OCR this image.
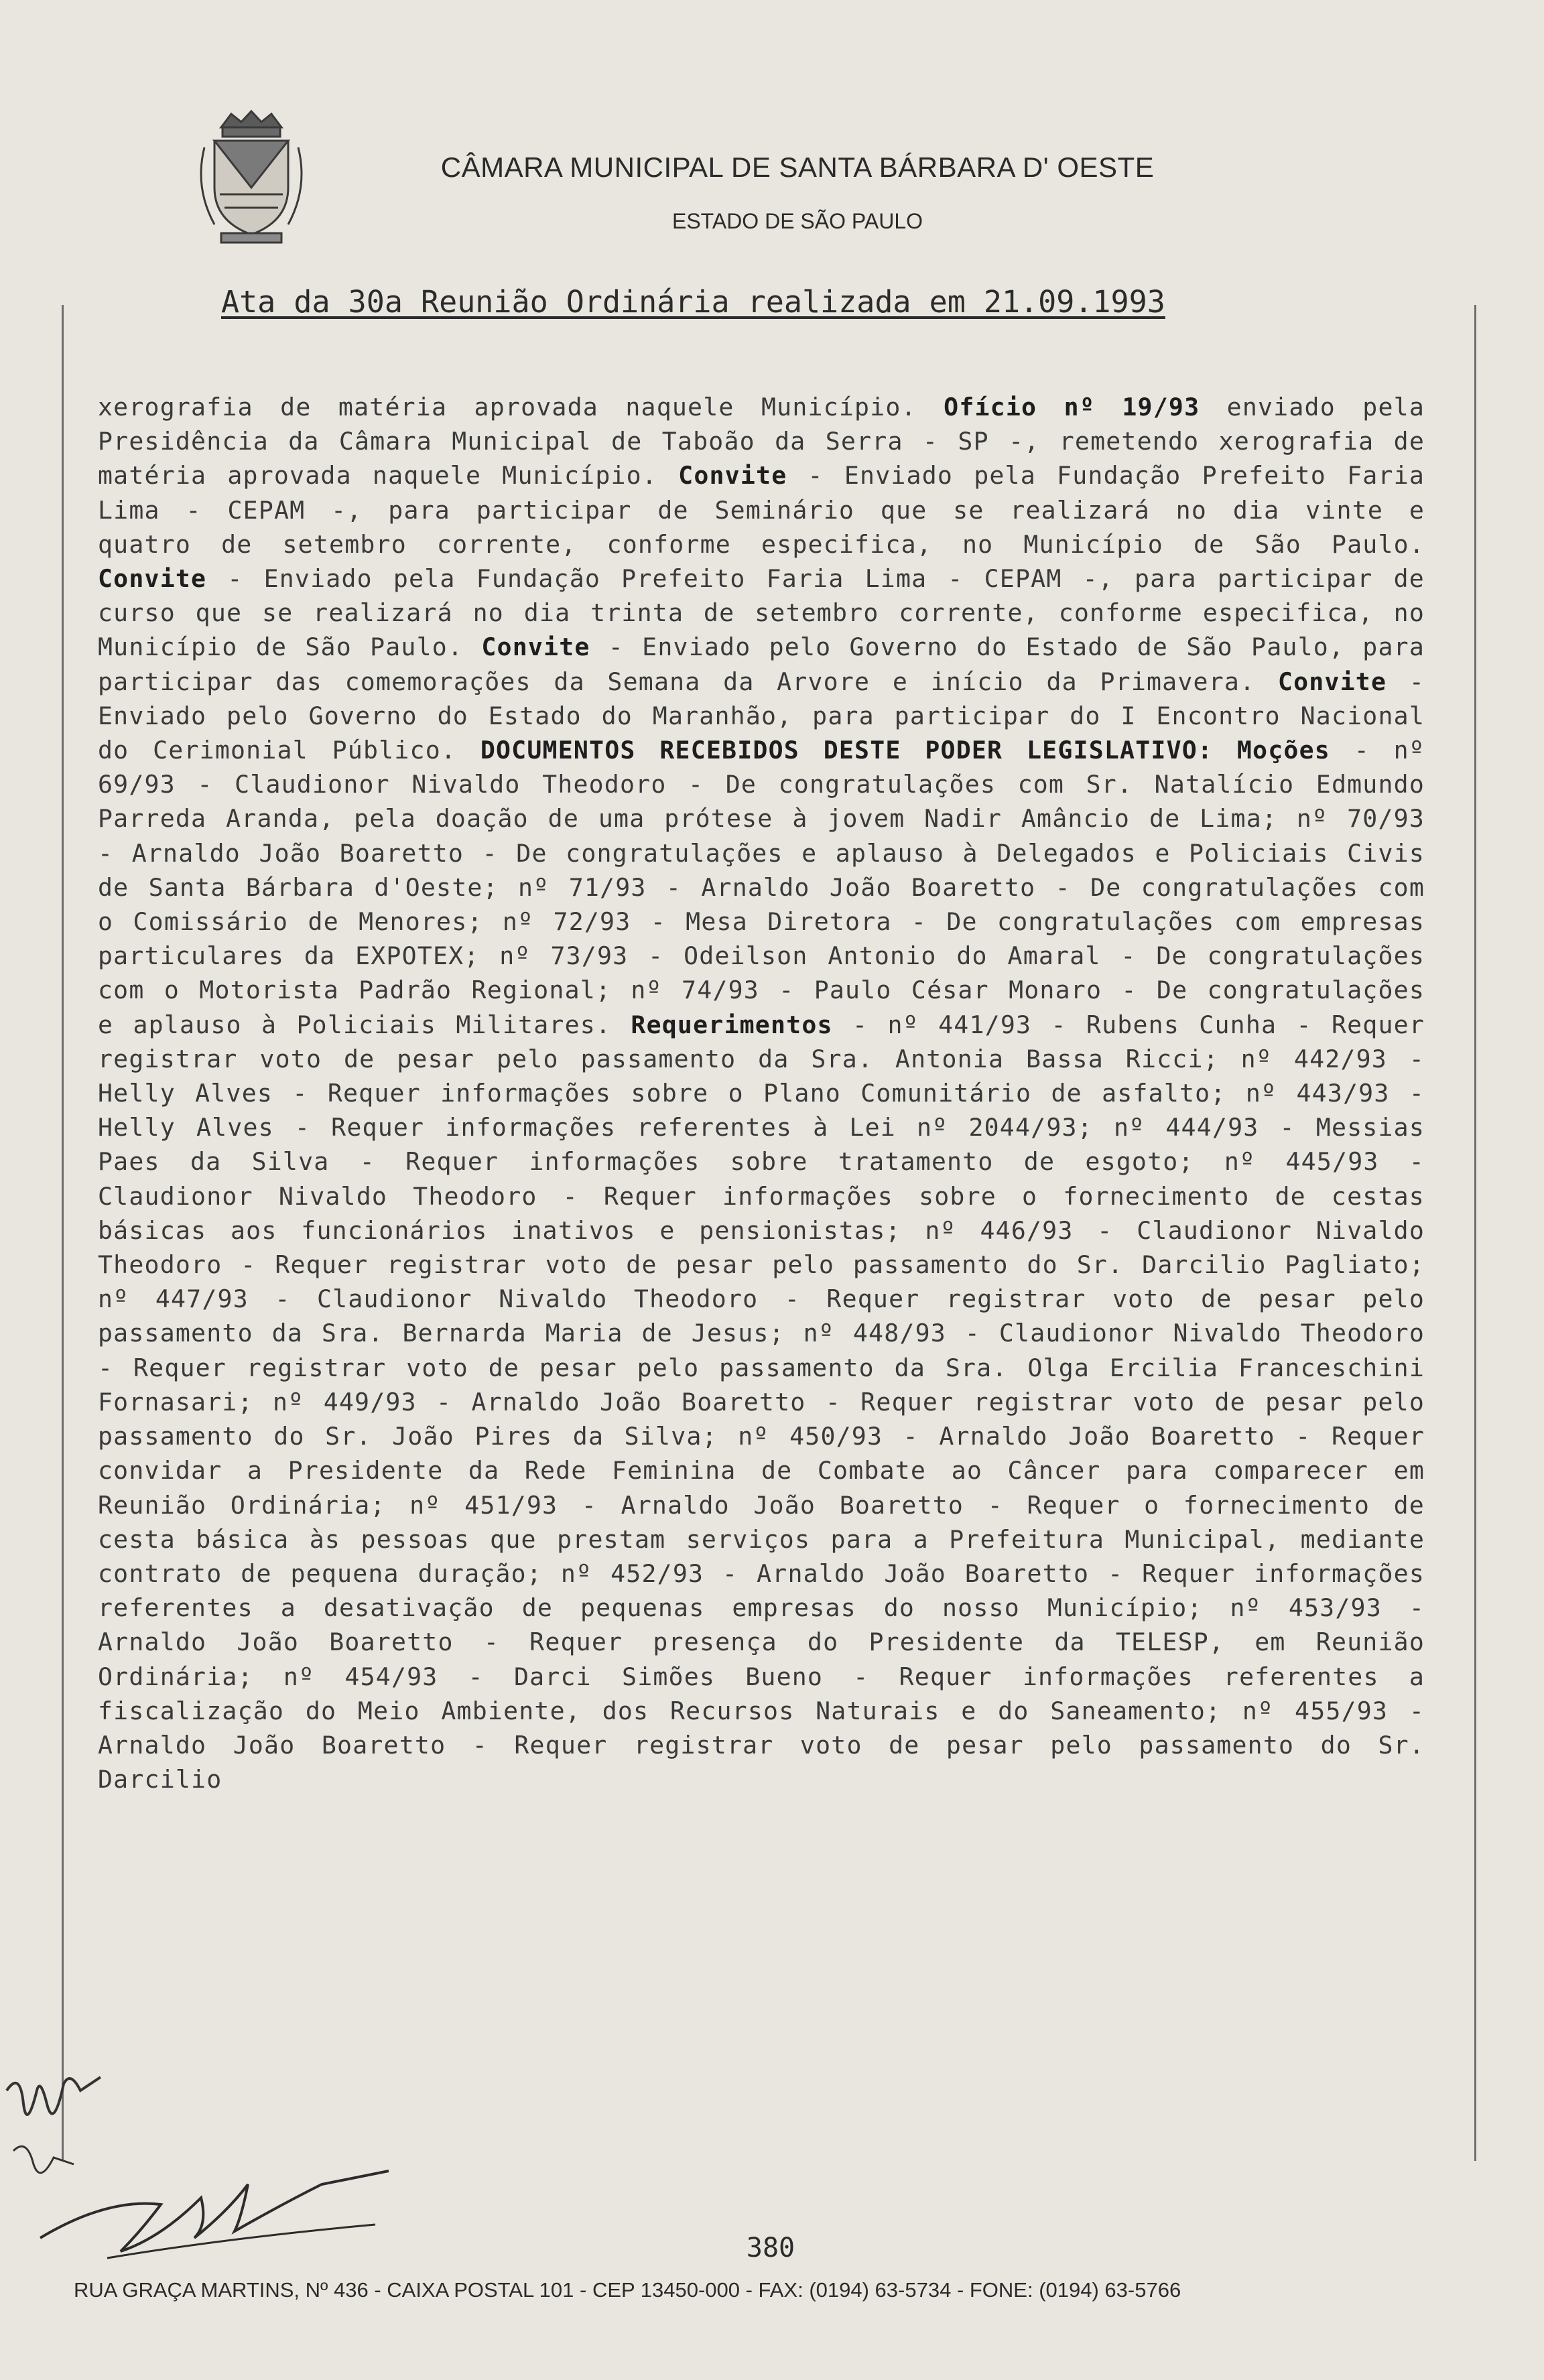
CÂMARA MUNICIPAL DE SANTA BÁRBARA D' OESTE
ESTADO DE SÃO PAULO
Ata da 30a Reunião Ordinária realizada em 21.09.1993
xerografia de matéria aprovada naquele Município. Ofício nº 19/93 enviado pela Presidência da Câmara Municipal de Taboão da Serra - SP -, remetendo xerografia de matéria aprovada naquele Município. Convite - Enviado pela Fundação Prefeito Faria Lima - CEPAM -, para participar de Seminário que se realizará no dia vinte e quatro de setembro corrente, conforme especifica, no Município de São Paulo. Convite - Enviado pela Fundação Prefeito Faria Lima - CEPAM -, para participar de curso que se realizará no dia trinta de setembro corrente, conforme especifica, no Município de São Paulo. Convite - Enviado pelo Governo do Estado de São Paulo, para participar das comemorações da Semana da Arvore e início da Primavera. Convite - Enviado pelo Governo do Estado do Maranhão, para participar do I Encontro Nacional do Cerimonial Público. DOCUMENTOS RECEBIDOS DESTE PODER LEGISLATIVO: Moções - nº 69/93 - Claudionor Nivaldo Theodoro - De congratulações com Sr. Natalício Edmundo Parreda Aranda, pela doação de uma prótese à jovem Nadir Amâncio de Lima; nº 70/93 - Arnaldo João Boaretto - De congratulações e aplauso à Delegados e Policiais Civis de Santa Bárbara d'Oeste; nº 71/93 - Arnaldo João Boaretto - De congratulações com o Comissário de Menores; nº 72/93 - Mesa Diretora - De congratulações com empresas particulares da EXPOTEX; nº 73/93 - Odeilson Antonio do Amaral - De congratulações com o Motorista Padrão Regional; nº 74/93 - Paulo César Monaro - De congratulações e aplauso à Policiais Militares. Requerimentos - nº 441/93 - Rubens Cunha - Requer registrar voto de pesar pelo passamento da Sra. Antonia Bassa Ricci; nº 442/93 - Helly Alves - Requer informações sobre o Plano Comunitário de asfalto; nº 443/93 - Helly Alves - Requer informações referentes à Lei nº 2044/93; nº 444/93 - Messias Paes da Silva - Requer informações sobre tratamento de esgoto; nº 445/93 - Claudionor Nivaldo Theodoro - Requer informações sobre o fornecimento de cestas básicas aos funcionários inativos e pensionistas; nº 446/93 - Claudionor Nivaldo Theodoro - Requer registrar voto de pesar pelo passamento do Sr. Darcilio Pagliato; nº 447/93 - Claudionor Nivaldo Theodoro - Requer registrar voto de pesar pelo passamento da Sra. Bernarda Maria de Jesus; nº 448/93 - Claudionor Nivaldo Theodoro - Requer registrar voto de pesar pelo passamento da Sra. Olga Ercilia Franceschini Fornasari; nº 449/93 - Arnaldo João Boaretto - Requer registrar voto de pesar pelo passamento do Sr. João Pires da Silva; nº 450/93 - Arnaldo João Boaretto - Requer convidar a Presidente da Rede Feminina de Combate ao Câncer para comparecer em Reunião Ordinária; nº 451/93 - Arnaldo João Boaretto - Requer o fornecimento de cesta básica às pessoas que prestam serviços para a Prefeitura Municipal, mediante contrato de pequena duração; nº 452/93 - Arnaldo João Boaretto - Requer informações referentes a desativação de pequenas empresas do nosso Município; nº 453/93 - Arnaldo João Boaretto - Requer presença do Presidente da TELESP, em Reunião Ordinária; nº 454/93 - Darci Simões Bueno - Requer informações referentes a fiscalização do Meio Ambiente, dos Recursos Naturais e do Saneamento; nº 455/93 - Arnaldo João Boaretto - Requer registrar voto de pesar pelo passamento do Sr. Darcilio
380
RUA GRAÇA MARTINS, Nº 436 - CAIXA POSTAL 101 - CEP 13450-000 - FAX: (0194) 63-5734 - FONE: (0194) 63-5766
